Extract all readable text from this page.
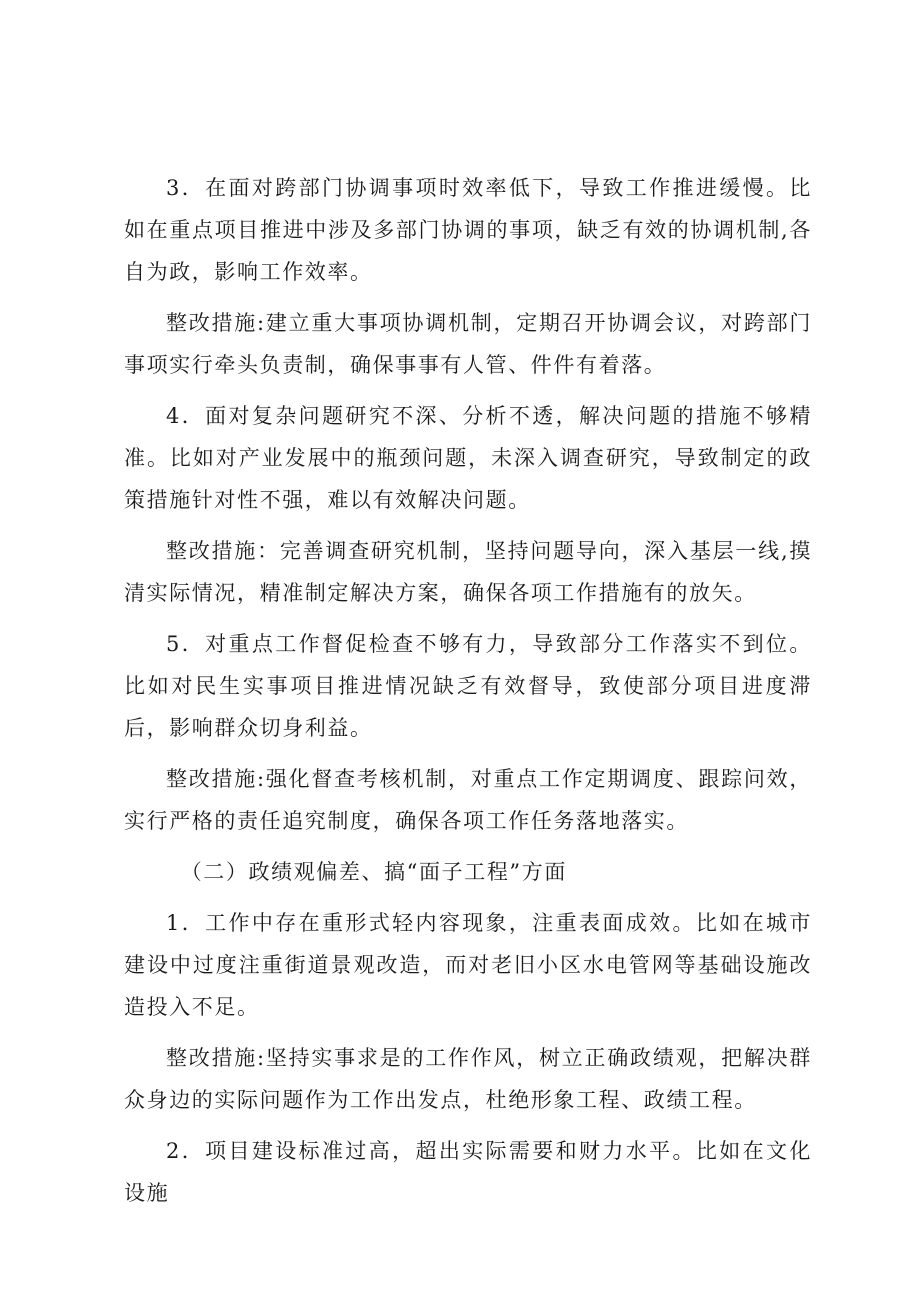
3．在面对跨部门协调事项时效率低下，导致工作推进缓慢。比如在重点项目推进中涉及多部门协调的事项，缺乏有效的协调机制,各自为政，影响工作效率。

整改措施:建立重大事项协调机制，定期召开协调会议，对跨部门事项实行牵头负责制，确保事事有人管、件件有着落。

4．面对复杂问题研究不深、分析不透，解决问题的措施不够精准。比如对产业发展中的瓶颈问题，未深入调查研究，导致制定的政策措施针对性不强，难以有效解决问题。

整改措施：完善调查研究机制，坚持问题导向，深入基层一线,摸清实际情况，精准制定解决方案，确保各项工作措施有的放矢。

5．对重点工作督促检查不够有力，导致部分工作落实不到位。比如对民生实事项目推进情况缺乏有效督导，致使部分项目进度滞后，影响群众切身利益。

整改措施:强化督查考核机制，对重点工作定期调度、跟踪问效，实行严格的责任追究制度，确保各项工作任务落地落实。

（二）政绩观偏差、搞“面子工程”方面

1．工作中存在重形式轻内容现象，注重表面成效。比如在城市建设中过度注重街道景观改造，而对老旧小区水电管网等基础设施改造投入不足。

整改措施:坚持实事求是的工作作风，树立正确政绩观，把解决群众身边的实际问题作为工作出发点，杜绝形象工程、政绩工程。

2．项目建设标准过高，超出实际需要和财力水平。比如在文化设施
